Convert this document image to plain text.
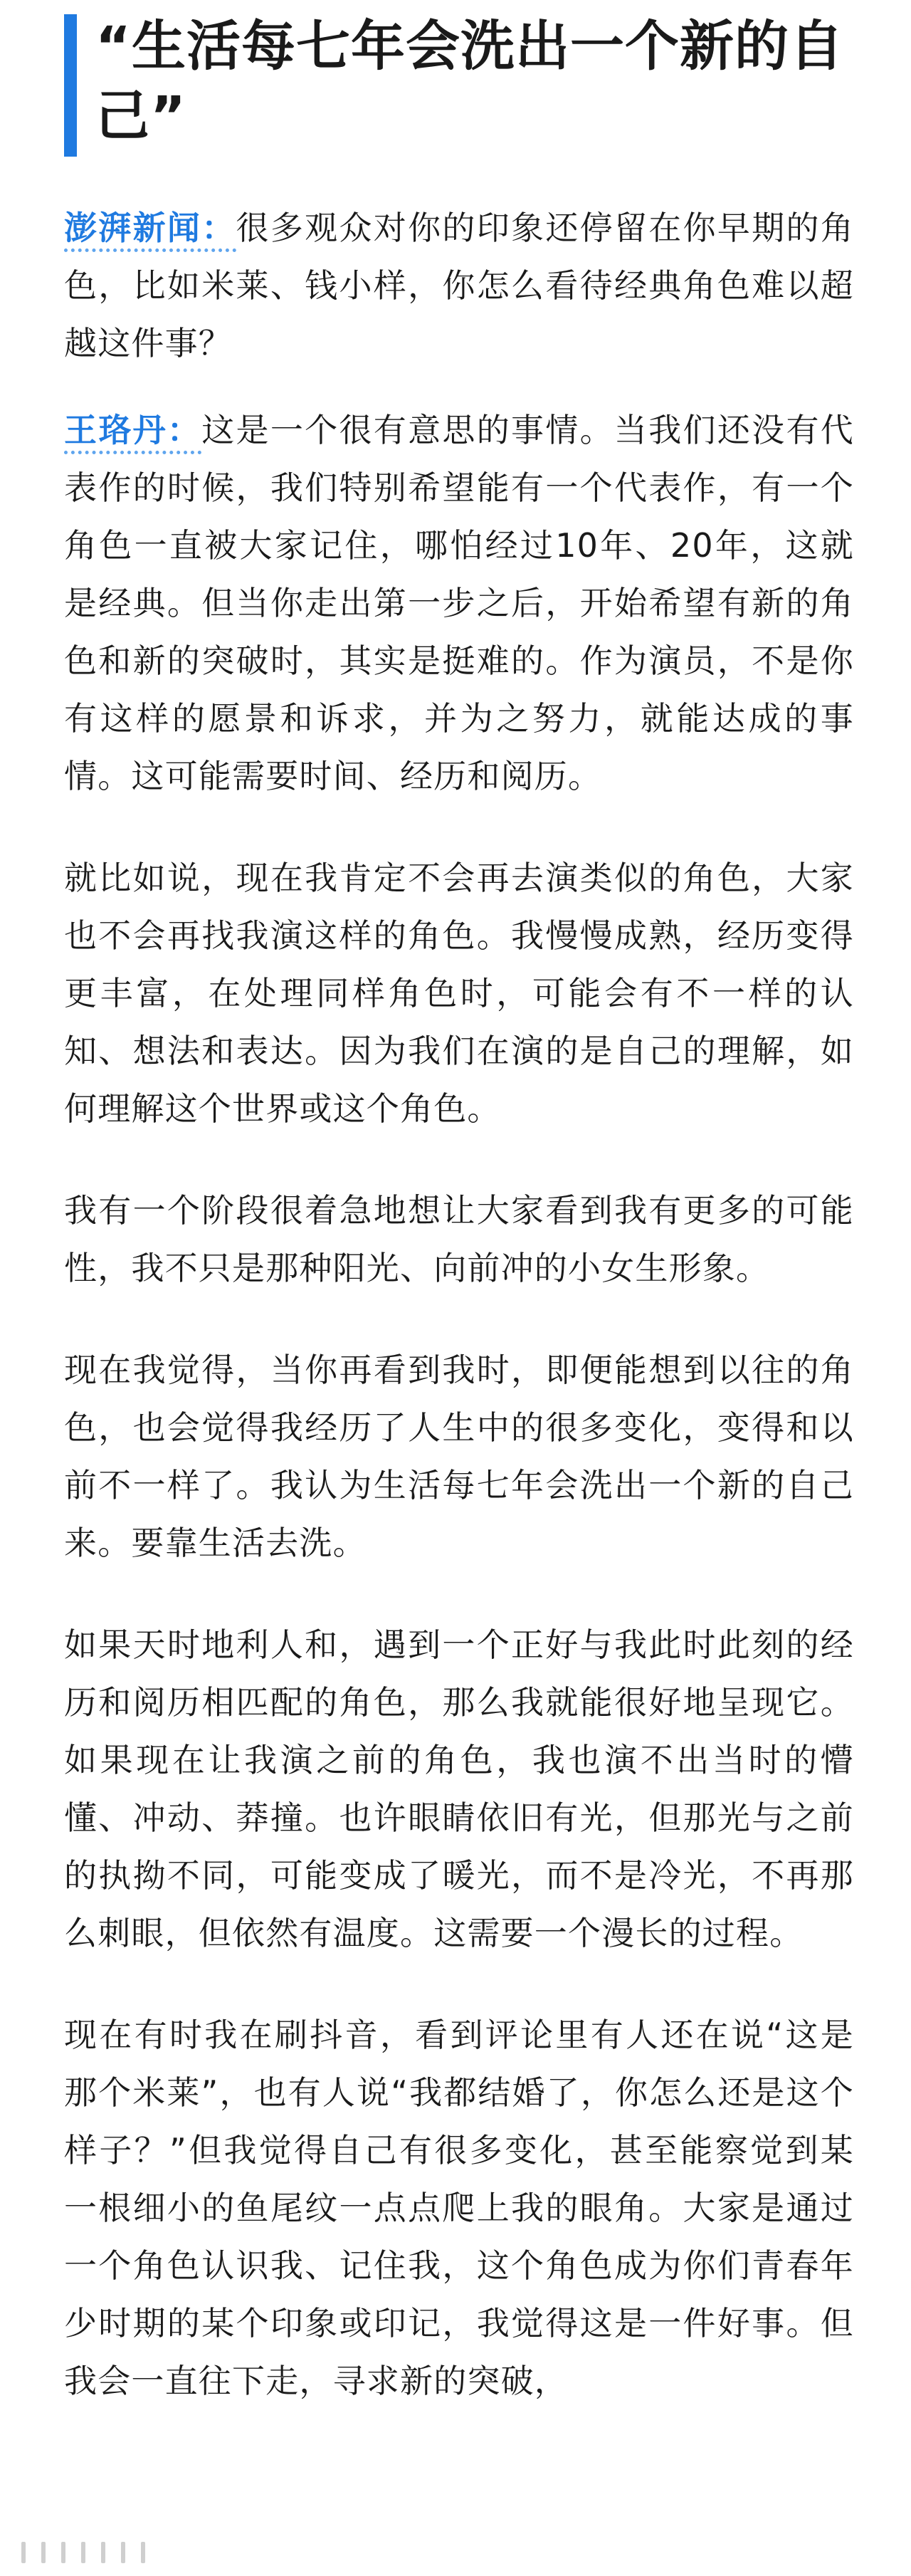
“生活每七年会洗出一个新的自己”

澎湃新闻：很多观众对你的印象还停留在你早期的角色，比如米莱、钱小样，你怎么看待经典角色难以超越这件事？

王珞丹：这是一个很有意思的事情。当我们还没有代表作的时候，我们特别希望能有一个代表作，有一个角色一直被大家记住，哪怕经过10年、20年，这就是经典。但当你走出第一步之后，开始希望有新的角色和新的突破时，其实是挺难的。作为演员，不是你有这样的愿景和诉求，并为之努力，就能达成的事情。这可能需要时间、经历和阅历。

就比如说，现在我肯定不会再去演类似的角色，大家也不会再找我演这样的角色。我慢慢成熟，经历变得更丰富，在处理同样角色时，可能会有不一样的认知、想法和表达。因为我们在演的是自己的理解，如何理解这个世界或这个角色。

我有一个阶段很着急地想让大家看到我有更多的可能性，我不只是那种阳光、向前冲的小女生形象。

现在我觉得，当你再看到我时，即便能想到以往的角色，也会觉得我经历了人生中的很多变化，变得和以前不一样了。我认为生活每七年会洗出一个新的自己来。要靠生活去洗。

如果天时地利人和，遇到一个正好与我此时此刻的经历和阅历相匹配的角色，那么我就能很好地呈现它。如果现在让我演之前的角色，我也演不出当时的懵懂、冲动、莽撞。也许眼睛依旧有光，但那光与之前的执拗不同，可能变成了暖光，而不是冷光，不再那么刺眼，但依然有温度。这需要一个漫长的过程。

现在有时我在刷抖音，看到评论里有人还在说“这是那个米莱”，也有人说“我都结婚了，你怎么还是这个样子？”但我觉得自己有很多变化，甚至能察觉到某一根细小的鱼尾纹一点点爬上我的眼角。大家是通过一个角色认识我、记住我，这个角色成为你们青春年少时期的某个印象或印记，我觉得这是一件好事。但我会一直往下走，寻求新的突破，
